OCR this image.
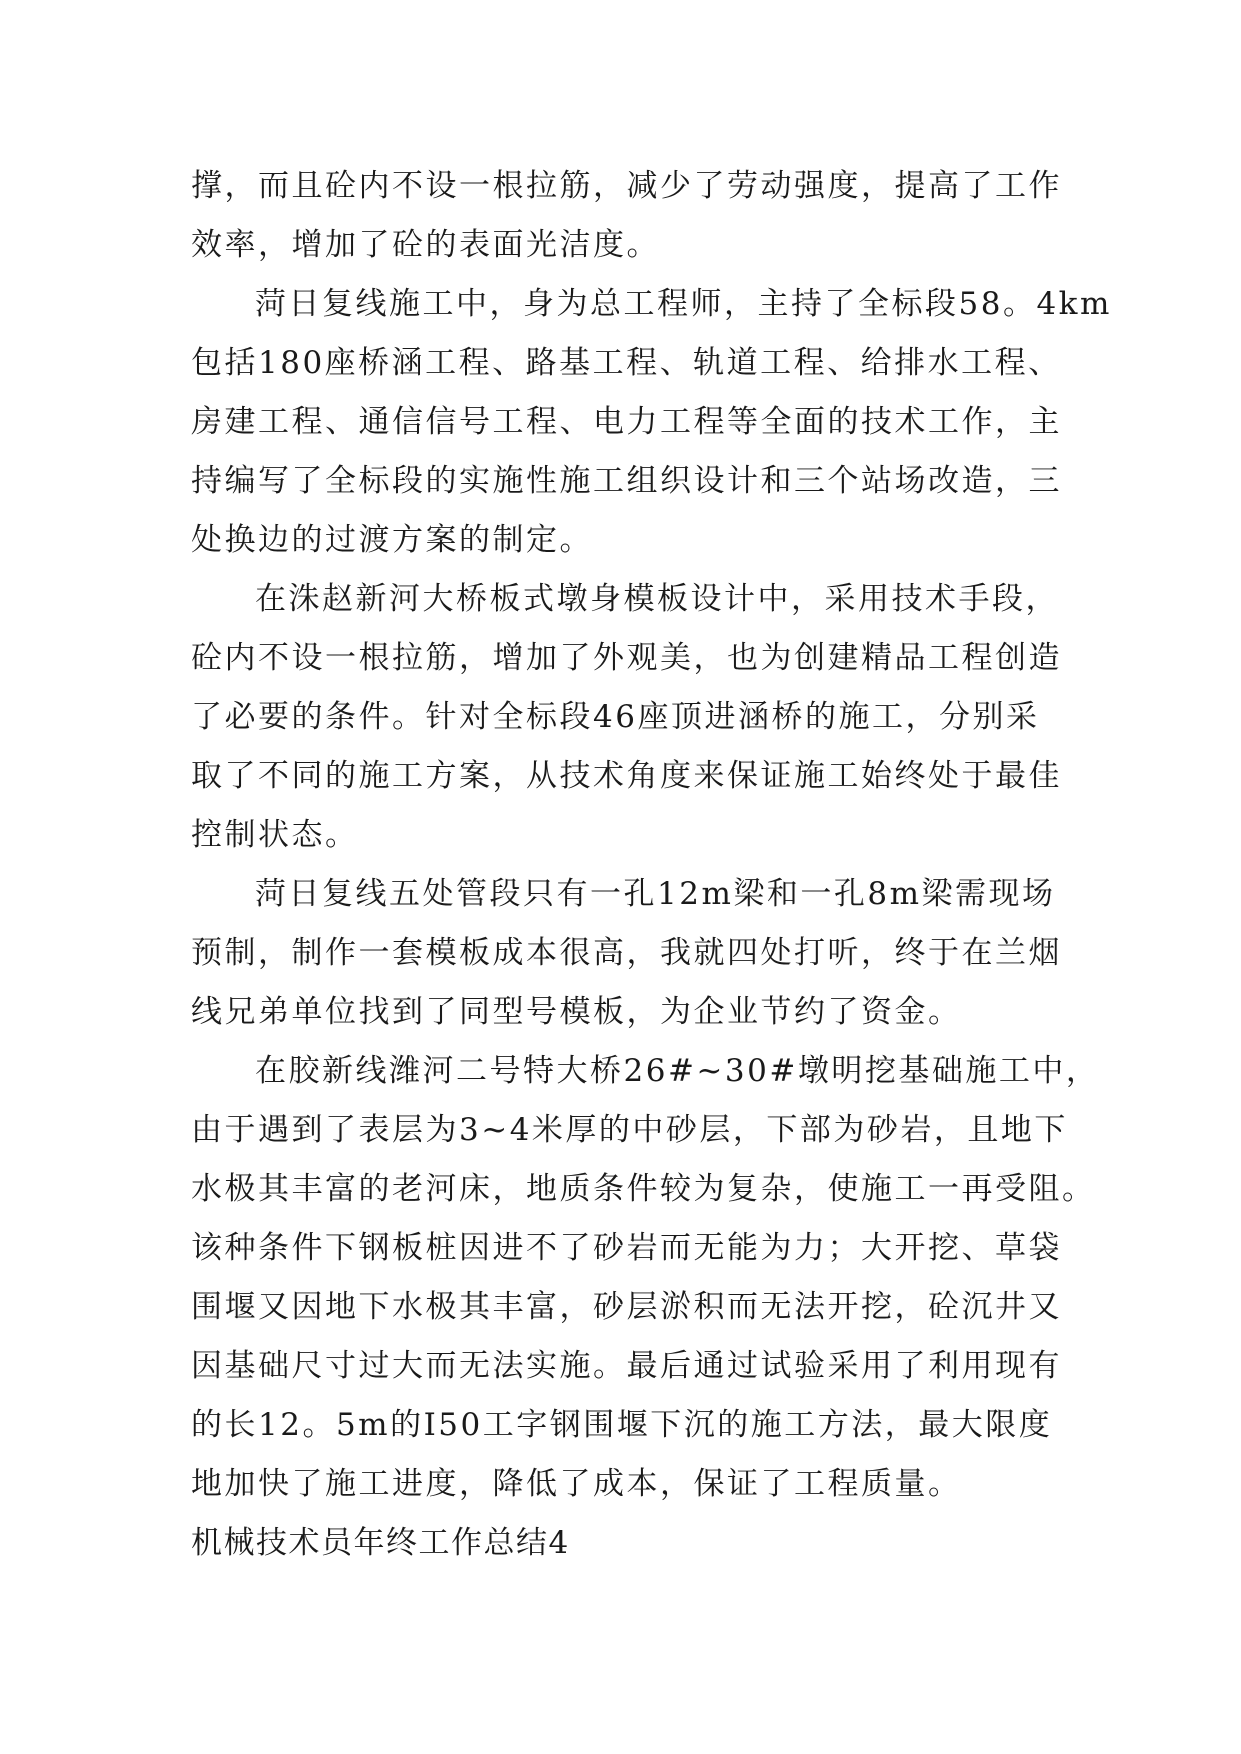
撑，而且砼内不设一根拉筋，减少了劳动强度，提高了工作
效率，增加了砼的表面光洁度。
菏日复线施工中，身为总工程师，主持了全标段58。4km
包括180座桥涵工程、路基工程、轨道工程、给排水工程、
房建工程、通信信号工程、电力工程等全面的技术工作，主
持编写了全标段的实施性施工组织设计和三个站场改造，三
处换边的过渡方案的制定。
在洙赵新河大桥板式墩身模板设计中，采用技术手段，
砼内不设一根拉筋，增加了外观美，也为创建精品工程创造
了必要的条件。针对全标段46座顶进涵桥的施工，分别采
取了不同的施工方案，从技术角度来保证施工始终处于最佳
控制状态。
菏日复线五处管段只有一孔12m梁和一孔8m梁需现场
预制，制作一套模板成本很高，我就四处打听，终于在兰烟
线兄弟单位找到了同型号模板，为企业节约了资金。
在胶新线潍河二号特大桥26#~30#墩明挖基础施工中，
由于遇到了表层为3~4米厚的中砂层，下部为砂岩，且地下
水极其丰富的老河床，地质条件较为复杂，使施工一再受阻。
该种条件下钢板桩因进不了砂岩而无能为力；大开挖、草袋
围堰又因地下水极其丰富，砂层淤积而无法开挖，砼沉井又
因基础尺寸过大而无法实施。最后通过试验采用了利用现有
的长12。5m的I50工字钢围堰下沉的施工方法，最大限度
地加快了施工进度，降低了成本，保证了工程质量。
机械技术员年终工作总结4
